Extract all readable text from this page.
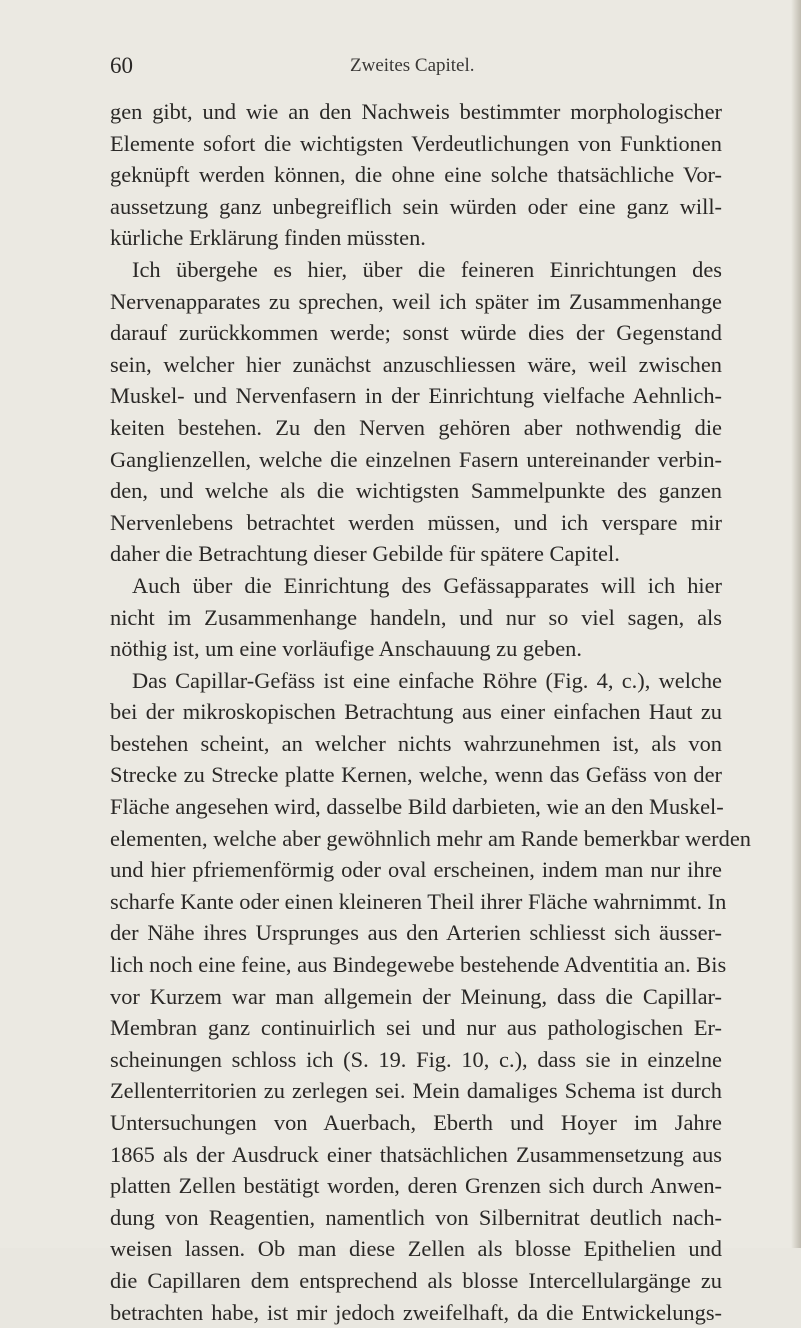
60	Zweites Capitel.
gen gibt, und wie an den Nachweis bestimmter morphologischer
Elemente sofort die wichtigsten Verdeutlichungen von Funktionen
geknüpft werden können, die ohne eine solche thatsächliche Vor-
aussetzung ganz unbegreiflich sein würden oder eine ganz will-
kürliche Erklärung finden müssten.
Ich übergehe es hier, über die feineren Einrichtungen des
Nervenapparates zu sprechen, weil ich später im Zusammenhange
darauf zurückkommen werde; sonst würde dies der Gegenstand
sein, welcher hier zunächst anzuschliessen wäre, weil zwischen
Muskel- und Nervenfasern in der Einrichtung vielfache Aehnlich-
keiten bestehen. Zu den Nerven gehören aber nothwendig die
Ganglienzellen, welche die einzelnen Fasern untereinander verbin-
den, und welche als die wichtigsten Sammelpunkte des ganzen
Nervenlebens betrachtet werden müssen, und ich verspare mir
daher die Betrachtung dieser Gebilde für spätere Capitel.
Auch über die Einrichtung des Gefässapparates will ich hier
nicht im Zusammenhange handeln, und nur so viel sagen, als
nöthig ist, um eine vorläufige Anschauung zu geben.
Das Capillar-Gefäss ist eine einfache Röhre (Fig. 4, c.), welche
bei der mikroskopischen Betrachtung aus einer einfachen Haut zu
bestehen scheint, an welcher nichts wahrzunehmen ist, als von
Strecke zu Strecke platte Kernen, welche, wenn das Gefäss von der
Fläche angesehen wird, dasselbe Bild darbieten, wie an den Muskel-
elementen, welche aber gewöhnlich mehr am Rande bemerkbar werden
und hier pfriemenförmig oder oval erscheinen, indem man nur ihre
scharfe Kante oder einen kleineren Theil ihrer Fläche wahrnimmt. In
der Nähe ihres Ursprunges aus den Arterien schliesst sich äusser-
lich noch eine feine, aus Bindegewebe bestehende Adventitia an. Bis
vor Kurzem war man allgemein der Meinung, dass die Capillar-
Membran ganz continuirlich sei und nur aus pathologischen Er-
scheinungen schloss ich (S. 19. Fig. 10, c.), dass sie in einzelne
Zellenterritorien zu zerlegen sei. Mein damaliges Schema ist durch
Untersuchungen von Auerbach, Eberth und Hoyer im Jahre
1865 als der Ausdruck einer thatsächlichen Zusammensetzung aus
platten Zellen bestätigt worden, deren Grenzen sich durch Anwen-
dung von Reagentien, namentlich von Silbernitrat deutlich nach-
weisen lassen. Ob man diese Zellen als blosse Epithelien und
die Capillaren dem entsprechend als blosse Intercellulargänge zu
betrachten habe, ist mir jedoch zweifelhaft, da die Entwickelungs-
